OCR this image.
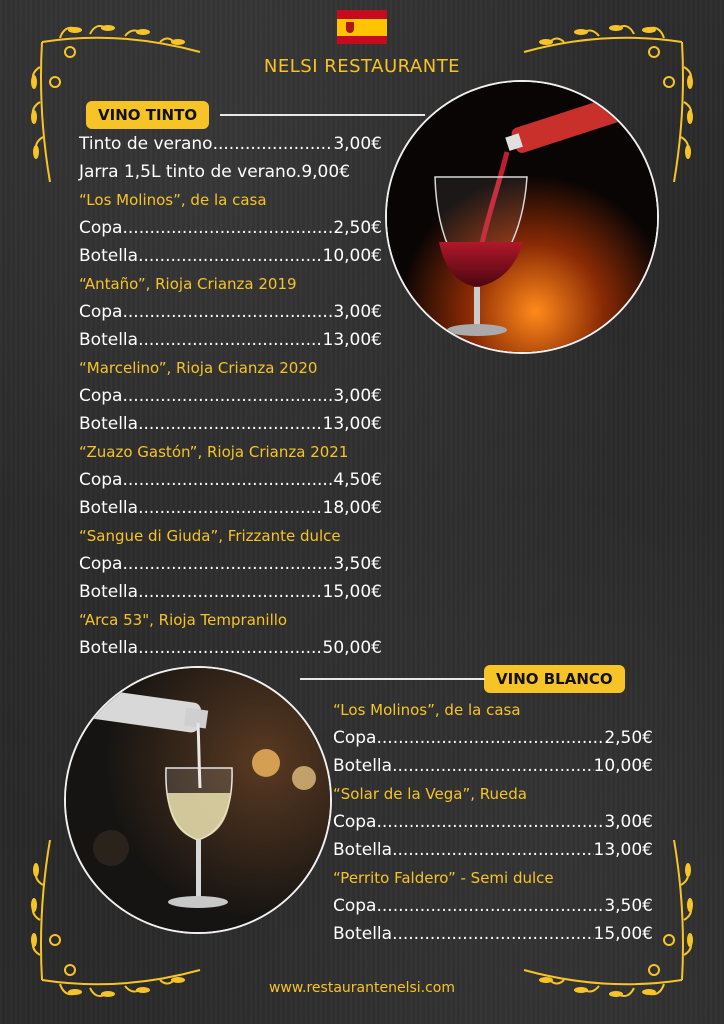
NELSI RESTAURANTE
VINO TINTO
Tinto de verano .....	3,00€
Jarra 1,5L tinto de verano.9,00€
“Los Molinos”, de la casa
Copa .....	2,50€
Botella .....	10,00€
“Antaño”, Rioja Crianza 2019
Copa .....	3,00€
Botella .....	13,00€
“Marcelino”, Rioja Crianza 2020
Copa .....	3,00€
Botella .....	13,00€
“Zuazo Gastón”, Rioja Crianza 2021
Copa .....	4,50€
Botella .....	18,00€
“Sangue di Giuda”, Frizzante dulce
Copa .....	3,50€
Botella .....	15,00€
“Arca 53", Rioja Tempranillo
Botella .....	50,00€
VINO BLANCO
“Los Molinos”, de la casa
Copa .....	2,50€
Botella .....	10,00€
“Solar de la Vega”, Rueda
Copa .....	3,00€
Botella .....	13,00€
“Perrito Faldero” - Semi dulce
Copa .....	3,50€
Botella .....	15,00€
www.restaurantenelsi.com
